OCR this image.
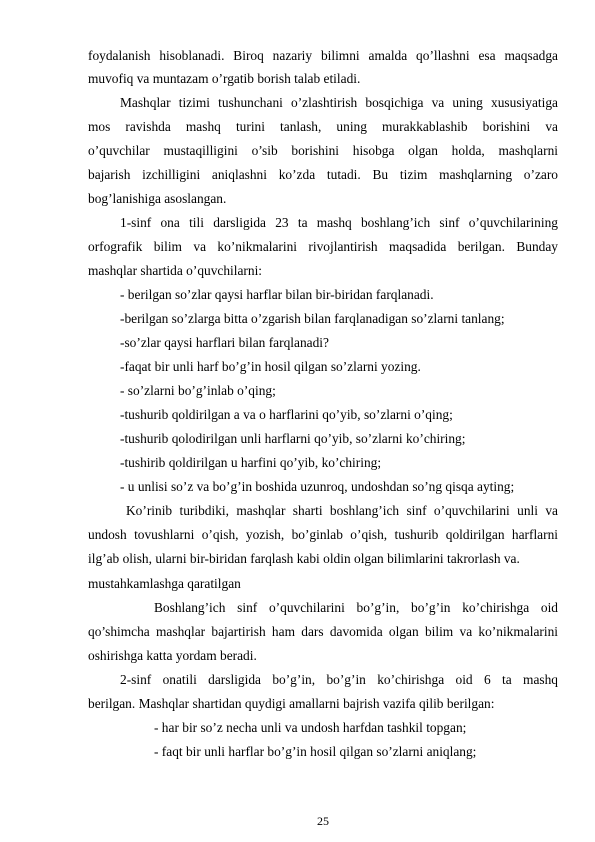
foydalanish hisoblanadi. Biroq nazariy bilimni amalda qo’llashni esa maqsadga
muvofiq va muntazam o’rgatib borish talab etiladi.
Mashqlar tizimi tushunchani o’zlashtirish bosqichiga va uning xususiyatiga
mos ravishda mashq turini tanlash, uning murakkablashib borishini va
o’quvchilar mustaqilligini o’sib borishini hisobga olgan holda, mashqlarni
bajarish izchilligini aniqlashni ko’zda tutadi. Bu tizim mashqlarning o’zaro
bog’lanishiga asoslangan.
1-sinf ona tili darsligida 23 ta mashq boshlang’ich sinf o’quvchilarining
orfografik bilim va ko’nikmalarini rivojlantirish maqsadida berilgan. Bunday
mashqlar shartida o’quvchilarni:
- berilgan so’zlar qaysi harflar bilan bir-biridan farqlanadi.
-berilgan so’zlarga bitta o’zgarish bilan farqlanadigan so’zlarni tanlang;
-so’zlar qaysi harflari bilan farqlanadi?
-faqat bir unli harf bo’g’in hosil qilgan so’zlarni yozing.
- so’zlarni bo’g’inlab o’qing;
-tushurib qoldirilgan a va o harflarini qo’yib, so’zlarni o’qing;
-tushurib qolodirilgan unli harflarni qo’yib, so’zlarni ko’chiring;
-tushirib qoldirilgan u harfini qo’yib, ko’chiring;
- u unlisi so’z va bo’g’in boshida uzunroq, undoshdan so’ng qisqa ayting;
Ko’rinib turibdiki, mashqlar sharti boshlang’ich sinf o’quvchilarini unli va
undosh tovushlarni o’qish, yozish, bo’ginlab o’qish, tushurib qoldirilgan harflarni
ilg’ab olish, ularni bir-biridan farqlash kabi oldin olgan bilimlarini takrorlash va.
mustahkamlashga qaratilgan
Boshlang’ich sinf o’quvchilarini bo’g’in, bo’g’in ko’chirishga oid
qo’shimcha mashqlar bajartirish ham dars davomida olgan bilim va ko’nikmalarini
oshirishga katta yordam beradi.
2-sinf onatili darsligida bo’g’in, bo’g’in ko’chirishga oid 6 ta mashq
berilgan. Mashqlar shartidan quydigi amallarni bajrish vazifa qilib berilgan:
- har bir so’z necha unli va undosh harfdan tashkil topgan;
- faqt bir unli harflar bo’g’in hosil qilgan so’zlarni aniqlang;
25
